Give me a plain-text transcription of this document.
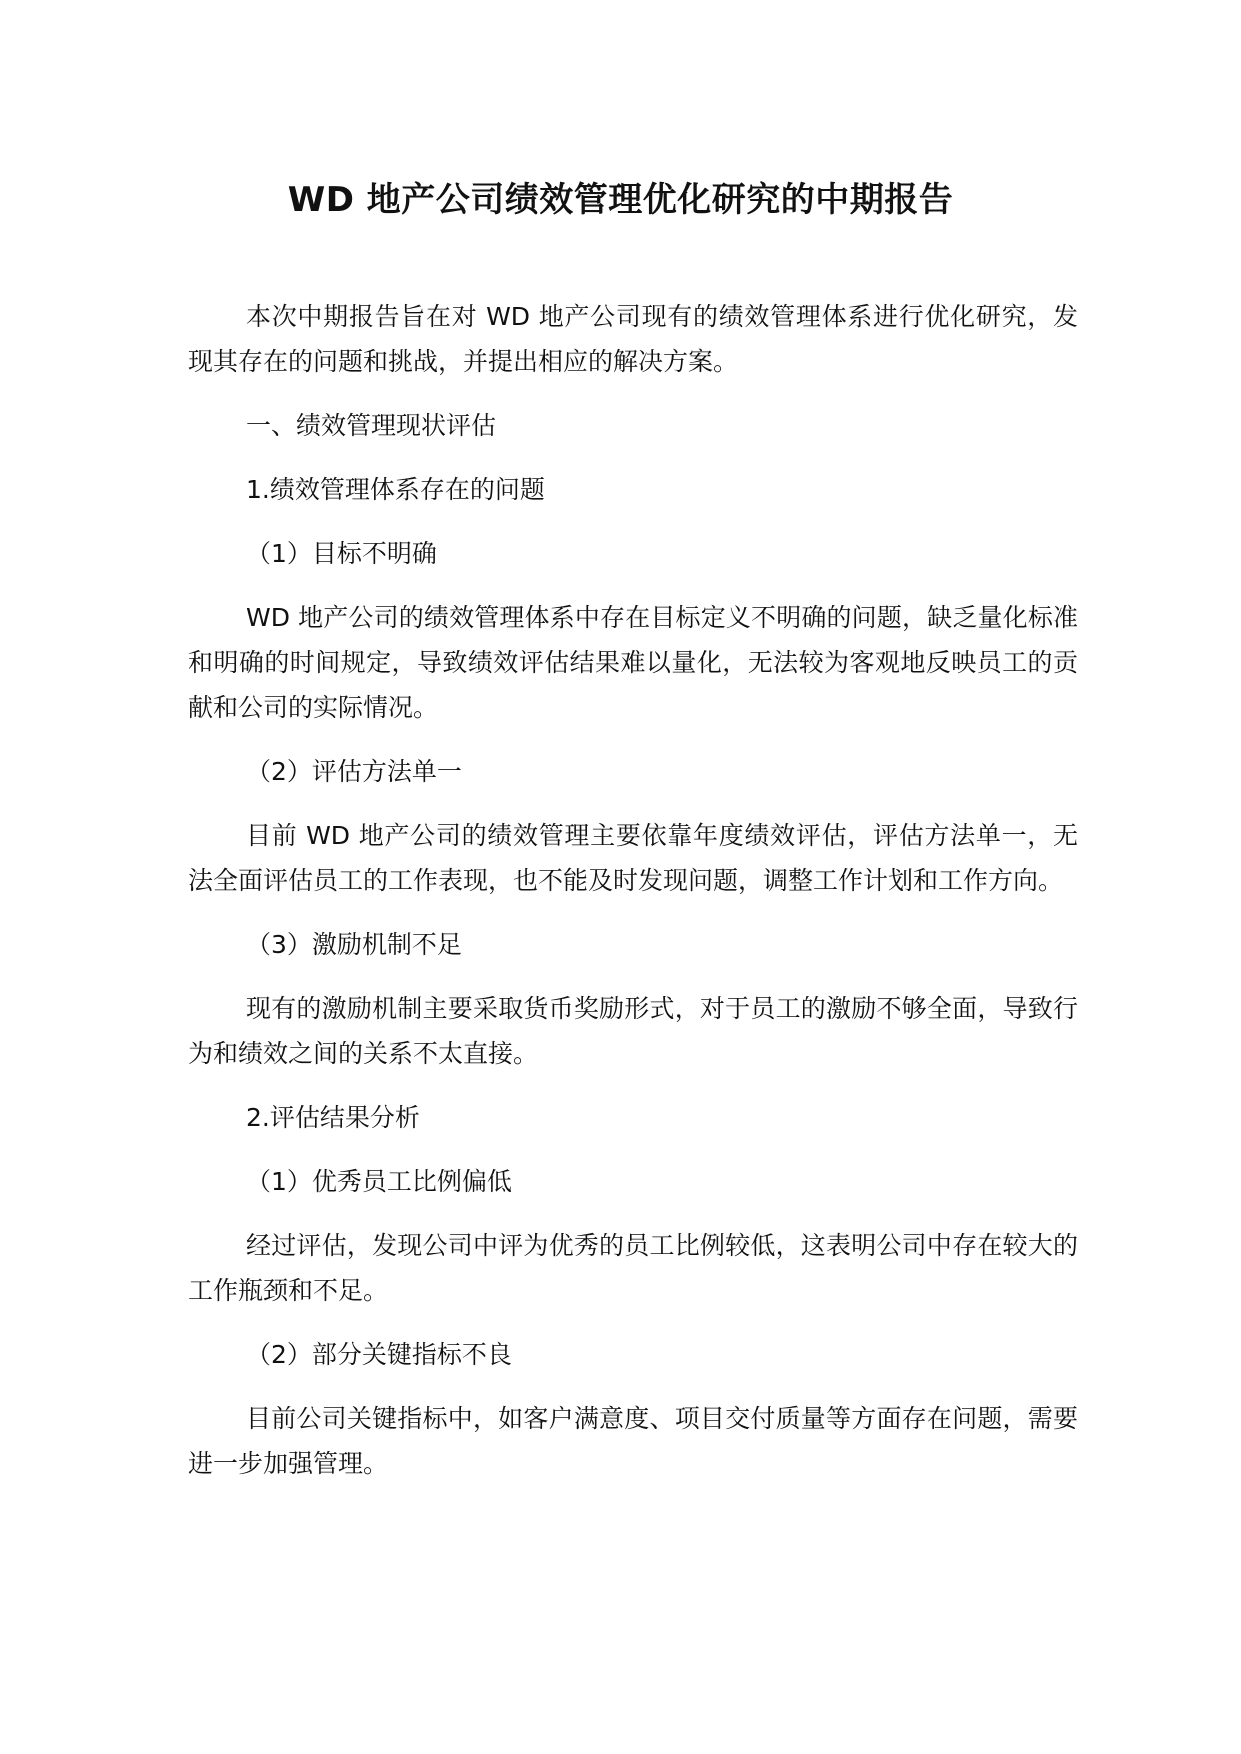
WD 地产公司绩效管理优化研究的中期报告

本次中期报告旨在对 WD 地产公司现有的绩效管理体系进行优化研究，发现其存在的问题和挑战，并提出相应的解决方案。

一、绩效管理现状评估

1.绩效管理体系存在的问题

（1）目标不明确

WD 地产公司的绩效管理体系中存在目标定义不明确的问题，缺乏量化标准和明确的时间规定，导致绩效评估结果难以量化，无法较为客观地反映员工的贡献和公司的实际情况。

（2）评估方法单一

目前 WD 地产公司的绩效管理主要依靠年度绩效评估，评估方法单一，无法全面评估员工的工作表现，也不能及时发现问题，调整工作计划和工作方向。

（3）激励机制不足

现有的激励机制主要采取货币奖励形式，对于员工的激励不够全面，导致行为和绩效之间的关系不太直接。

2.评估结果分析

（1）优秀员工比例偏低

经过评估，发现公司中评为优秀的员工比例较低，这表明公司中存在较大的工作瓶颈和不足。

（2）部分关键指标不良

目前公司关键指标中，如客户满意度、项目交付质量等方面存在问题，需要进一步加强管理。
